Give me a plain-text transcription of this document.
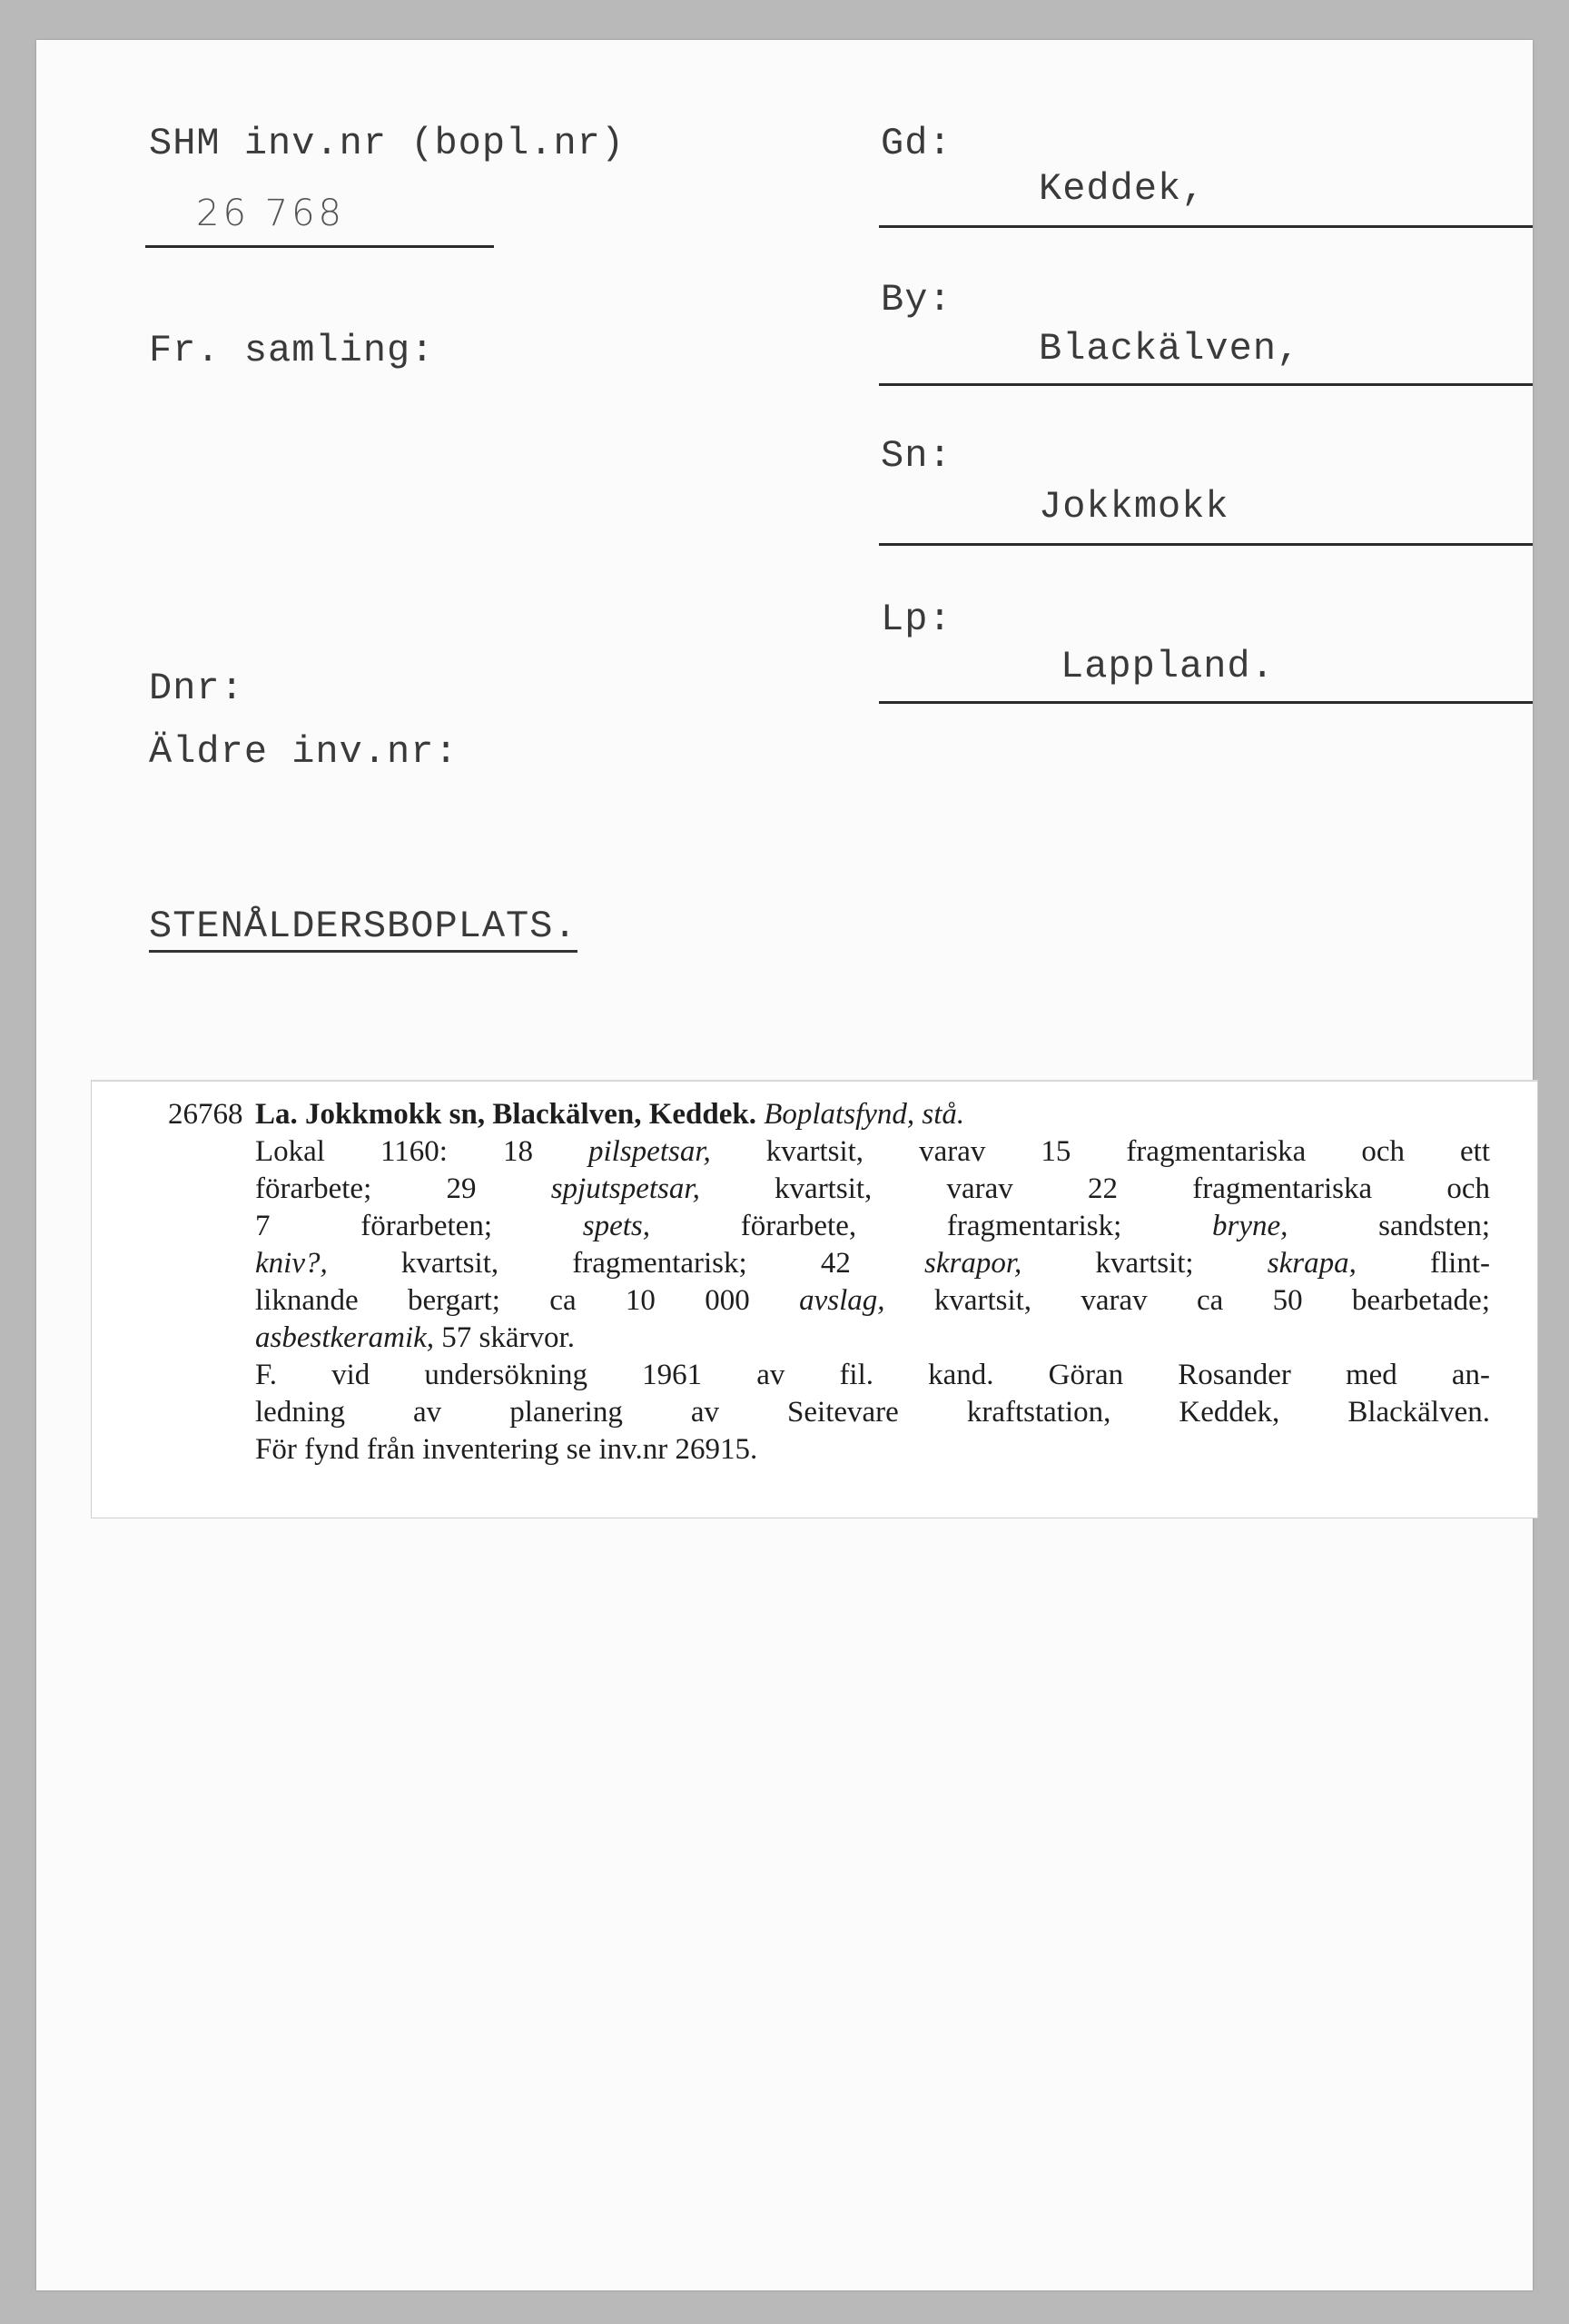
SHM inv.nr (bopl.nr)
26 768
Fr. samling:
Dnr:
Äldre inv.nr:
STENÅLDERSBOPLATS.
Gd:
Keddek,
By:
Blackälven,
Sn:
Jokkmokk
Lp:
Lappland.
26768 La. Jokkmokk sn, Blackälven, Keddek. Boplatsfynd, stå.
Lokal 1160: 18 pilspetsar, kvartsit, varav 15 fragmentariska och ett
förarbete; 29 spjutspetsar, kvartsit, varav 22 fragmentariska och
7 förarbeten; spets, förarbete, fragmentarisk; bryne, sandsten;
kniv?, kvartsit, fragmentarisk; 42 skrapor, kvartsit; skrapa, flint-
liknande bergart; ca 10 000 avslag, kvartsit, varav ca 50 bearbetade;
asbestkeramik, 57 skärvor.
F. vid undersökning 1961 av fil. kand. Göran Rosander med an-
ledning av planering av Seitevare kraftstation, Keddek, Blackälven.
För fynd från inventering se inv.nr 26915.
